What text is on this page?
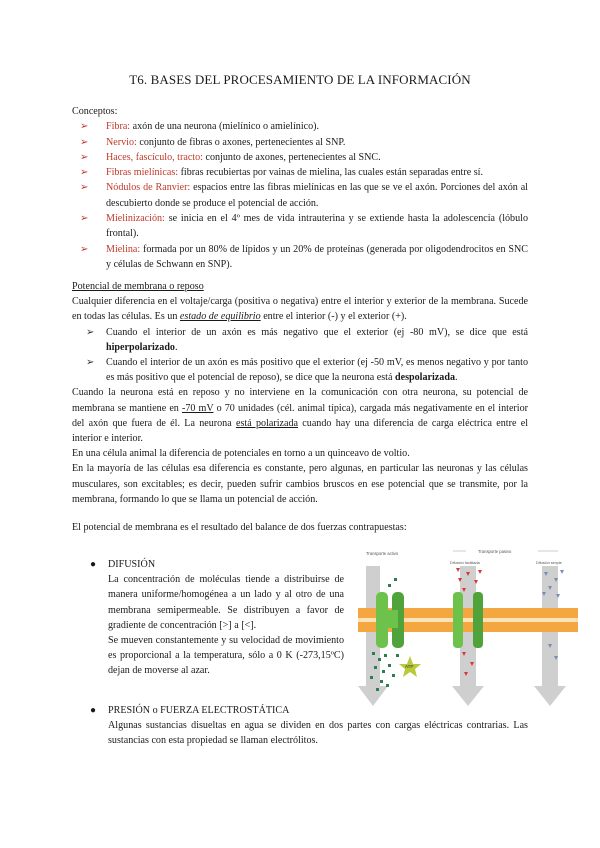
T6. BASES DEL PROCESAMIENTO DE LA INFORMACIÓN
Conceptos:
➢ Fibra: axón de una neurona (mielínico o amielínico).
➢ Nervio: conjunto de fibras o axones, pertenecientes al SNP.
➢ Haces, fascículo, tracto: conjunto de axones, pertenecientes al SNC.
➢ Fibras mielínicas: fibras recubiertas por vainas de mielina, las cuales están separadas entre sí.
➢ Nódulos de Ranvier: espacios entre las fibras mielínicas en las que se ve el axón. Porciones del axón al descubierto donde se produce el potencial de acción.
➢ Mielinización: se inicia en el 4º mes de vida intrauterina y se extiende hasta la adolescencia (lóbulo frontal).
➢ Mielina: formada por un 80% de lípidos y un 20% de proteínas (generada por oligodendrocitos en SNC y células de Schwann en SNP).
Potencial de membrana o reposo
Cualquier diferencia en el voltaje/carga (positiva o negativa) entre el interior y exterior de la membrana. Sucede en todas las células. Es un estado de equilibrio entre el interior (-) y el exterior (+).
➢ Cuando el interior de un axón es más negativo que el exterior (ej -80 mV), se dice que está hiperpolarizado.
➢ Cuando el interior de un axón es más positivo que el exterior (ej -50 mV, es menos negativo y por tanto es más positivo que el potencial de reposo), se dice que la neurona está despolarizada.
Cuando la neurona está en reposo y no interviene en la comunicación con otra neurona, su potencial de membrana se mantiene en -70 mV o 70 unidades (cél. animal típica), cargada más negativamente en el interior del axón que fuera de él. La neurona está polarizada cuando hay una diferencia de carga eléctrica entre el interior e interior.
En una célula animal la diferencia de potenciales en torno a un quinceavo de voltio.
En la mayoría de las células esa diferencia es constante, pero algunas, en particular las neuronas y las células musculares, son excitables; es decir, pueden sufrir cambios bruscos en ese potencial que se transmite, por la membrana, formando lo que se llama un potencial de acción.
El potencial de membrana es el resultado del balance de dos fuerzas contrapuestas:
● DIFUSIÓN
La concentración de moléculas tiende a distribuirse de manera uniforme/homogénea a un lado y al otro de una membrana semipermeable. Se distribuyen a favor de gradiente de concentración [>] a [<].
Se mueven constantemente y su velocidad de movimiento es proporcional a la temperatura, sólo a 0 K (-273,15ºC) dejan de moverse al azar.
Transporte activo	Transporte pasivo
Difusión facilitada	Difusión simple
ATP
● PRESIÓN o FUERZA ELECTROSTÁTICA
Algunas sustancias disueltas en agua se dividen en dos partes con cargas eléctricas contrarias. Las sustancias con esta propiedad se llaman electrólitos.
